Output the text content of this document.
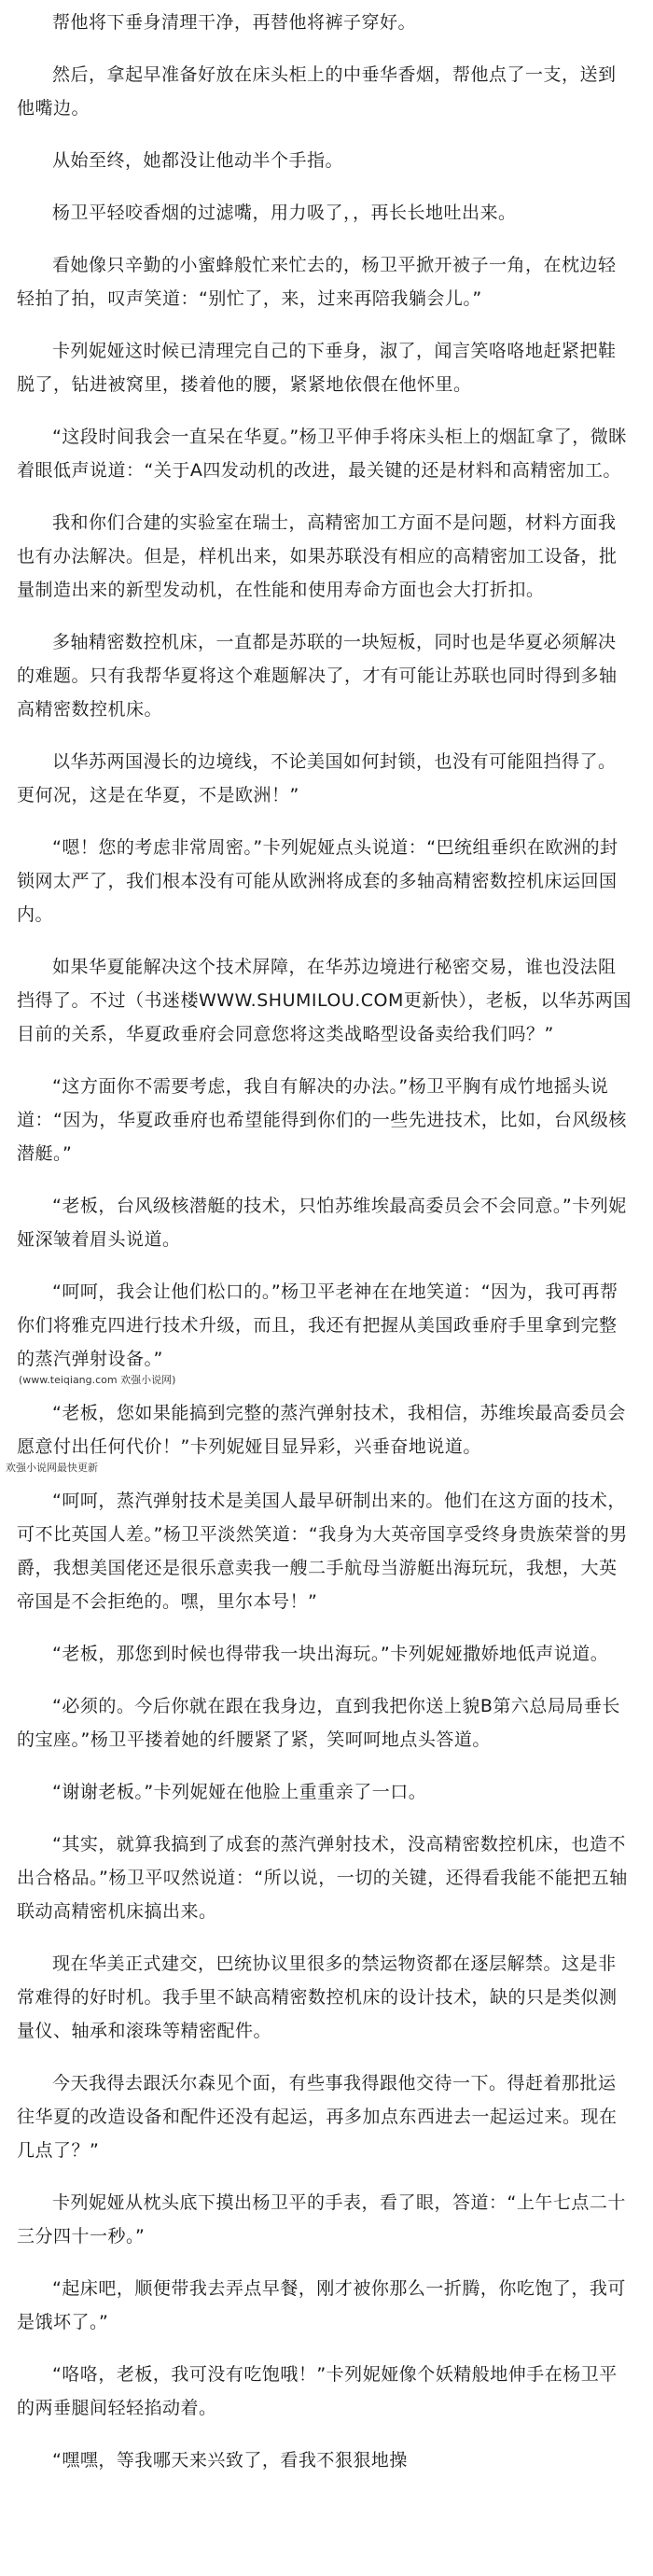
帮他将下垂身清理干净，再替他将裤子穿好。

然后，拿起早准备好放在床头柜上的中垂华香烟，帮他点了一支，送到他嘴边。

从始至终，她都没让他动半个手指。

杨卫平轻咬香烟的过滤嘴，用力吸了，，再长长地吐出来。

看她像只辛勤的小蜜蜂般忙来忙去的，杨卫平掀开被子一角，在枕边轻轻拍了拍，叹声笑道：“别忙了，来，过来再陪我躺会儿。”

卡列妮娅这时候已清理完自己的下垂身，淑了，闻言笑咯咯地赶紧把鞋脱了，钻进被窝里，搂着他的腰，紧紧地依偎在他怀里。

“这段时间我会一直呆在华夏。”杨卫平伸手将床头柜上的烟缸拿了，微眯着眼低声说道：“关于A四发动机的改进，最关键的还是材料和高精密加工。

我和你们合建的实验室在瑞士，高精密加工方面不是问题，材料方面我也有办法解决。但是，样机出来，如果苏联没有相应的高精密加工设备，批量制造出来的新型发动机，在性能和使用寿命方面也会大打折扣。

多轴精密数控机床，一直都是苏联的一块短板，同时也是华夏必须解决的难题。只有我帮华夏将这个难题解决了，才有可能让苏联也同时得到多轴高精密数控机床。

以华苏两国漫长的边境线，不论美国如何封锁，也没有可能阻挡得了。更何况，这是在华夏，不是欧洲！”

“嗯！您的考虑非常周密。”卡列妮娅点头说道：“巴统组垂织在欧洲的封锁网太严了，我们根本没有可能从欧洲将成套的多轴高精密数控机床运回国内。

如果华夏能解决这个技术屏障，在华苏边境进行秘密交易，谁也没法阻挡得了。不过（书迷楼WWW.SHUMILOU.COM更新快），老板，以华苏两国目前的关系，华夏政垂府会同意您将这类战略型设备卖给我们吗？”

“这方面你不需要考虑，我自有解决的办法。”杨卫平胸有成竹地摇头说道：“因为，华夏政垂府也希望能得到你们的一些先进技术，比如，台风级核潜艇。”

“老板，台风级核潜艇的技术，只怕苏维埃最高委员会不会同意。”卡列妮娅深皱着眉头说道。

“呵呵，我会让他们松口的。”杨卫平老神在在地笑道：“因为，我可再帮你们将雅克四进行技术升级，而且，我还有把握从美国政垂府手里拿到完整的蒸汽弹射设备。”

(www.teiqiang.com 欢强小说网)

“老板，您如果能搞到完整的蒸汽弹射技术，我相信，苏维埃最高委员会愿意付出任何代价！”卡列妮娅目显异彩，兴垂奋地说道。

欢强小说网最快更新

“呵呵，蒸汽弹射技术是美国人最早研制出来的。他们在这方面的技术，可不比英国人差。”杨卫平淡然笑道：“我身为大英帝国享受终身贵族荣誉的男爵，我想美国佬还是很乐意卖我一艘二手航母当游艇出海玩玩，我想，大英帝国是不会拒绝的。嘿，里尔本号！”

“老板，那您到时候也得带我一块出海玩。”卡列妮娅撒娇地低声说道。

“必须的。今后你就在跟在我身边，直到我把你送上貌B第六总局局垂长的宝座。”杨卫平搂着她的纤腰紧了紧，笑呵呵地点头答道。

“谢谢老板。”卡列妮娅在他脸上重重亲了一口。

“其实，就算我搞到了成套的蒸汽弹射技术，没高精密数控机床，也造不出合格品。”杨卫平叹然说道：“所以说，一切的关键，还得看我能不能把五轴联动高精密机床搞出来。

现在华美正式建交，巴统协议里很多的禁运物资都在逐层解禁。这是非常难得的好时机。我手里不缺高精密数控机床的设计技术，缺的只是类似测量仪、轴承和滚珠等精密配件。

今天我得去跟沃尔森见个面，有些事我得跟他交待一下。得赶着那批运往华夏的改造设备和配件还没有起运，再多加点东西进去一起运过来。现在几点了？”

卡列妮娅从枕头底下摸出杨卫平的手表，看了眼，答道：“上午七点二十三分四十一秒。”

“起床吧，顺便带我去弄点早餐，刚才被你那么一折腾，你吃饱了，我可是饿坏了。”

“咯咯，老板，我可没有吃饱哦！”卡列妮娅像个妖精般地伸手在杨卫平的两垂腿间轻轻掐动着。

“嘿嘿，等我哪天来兴致了，看我不狠狠地操
